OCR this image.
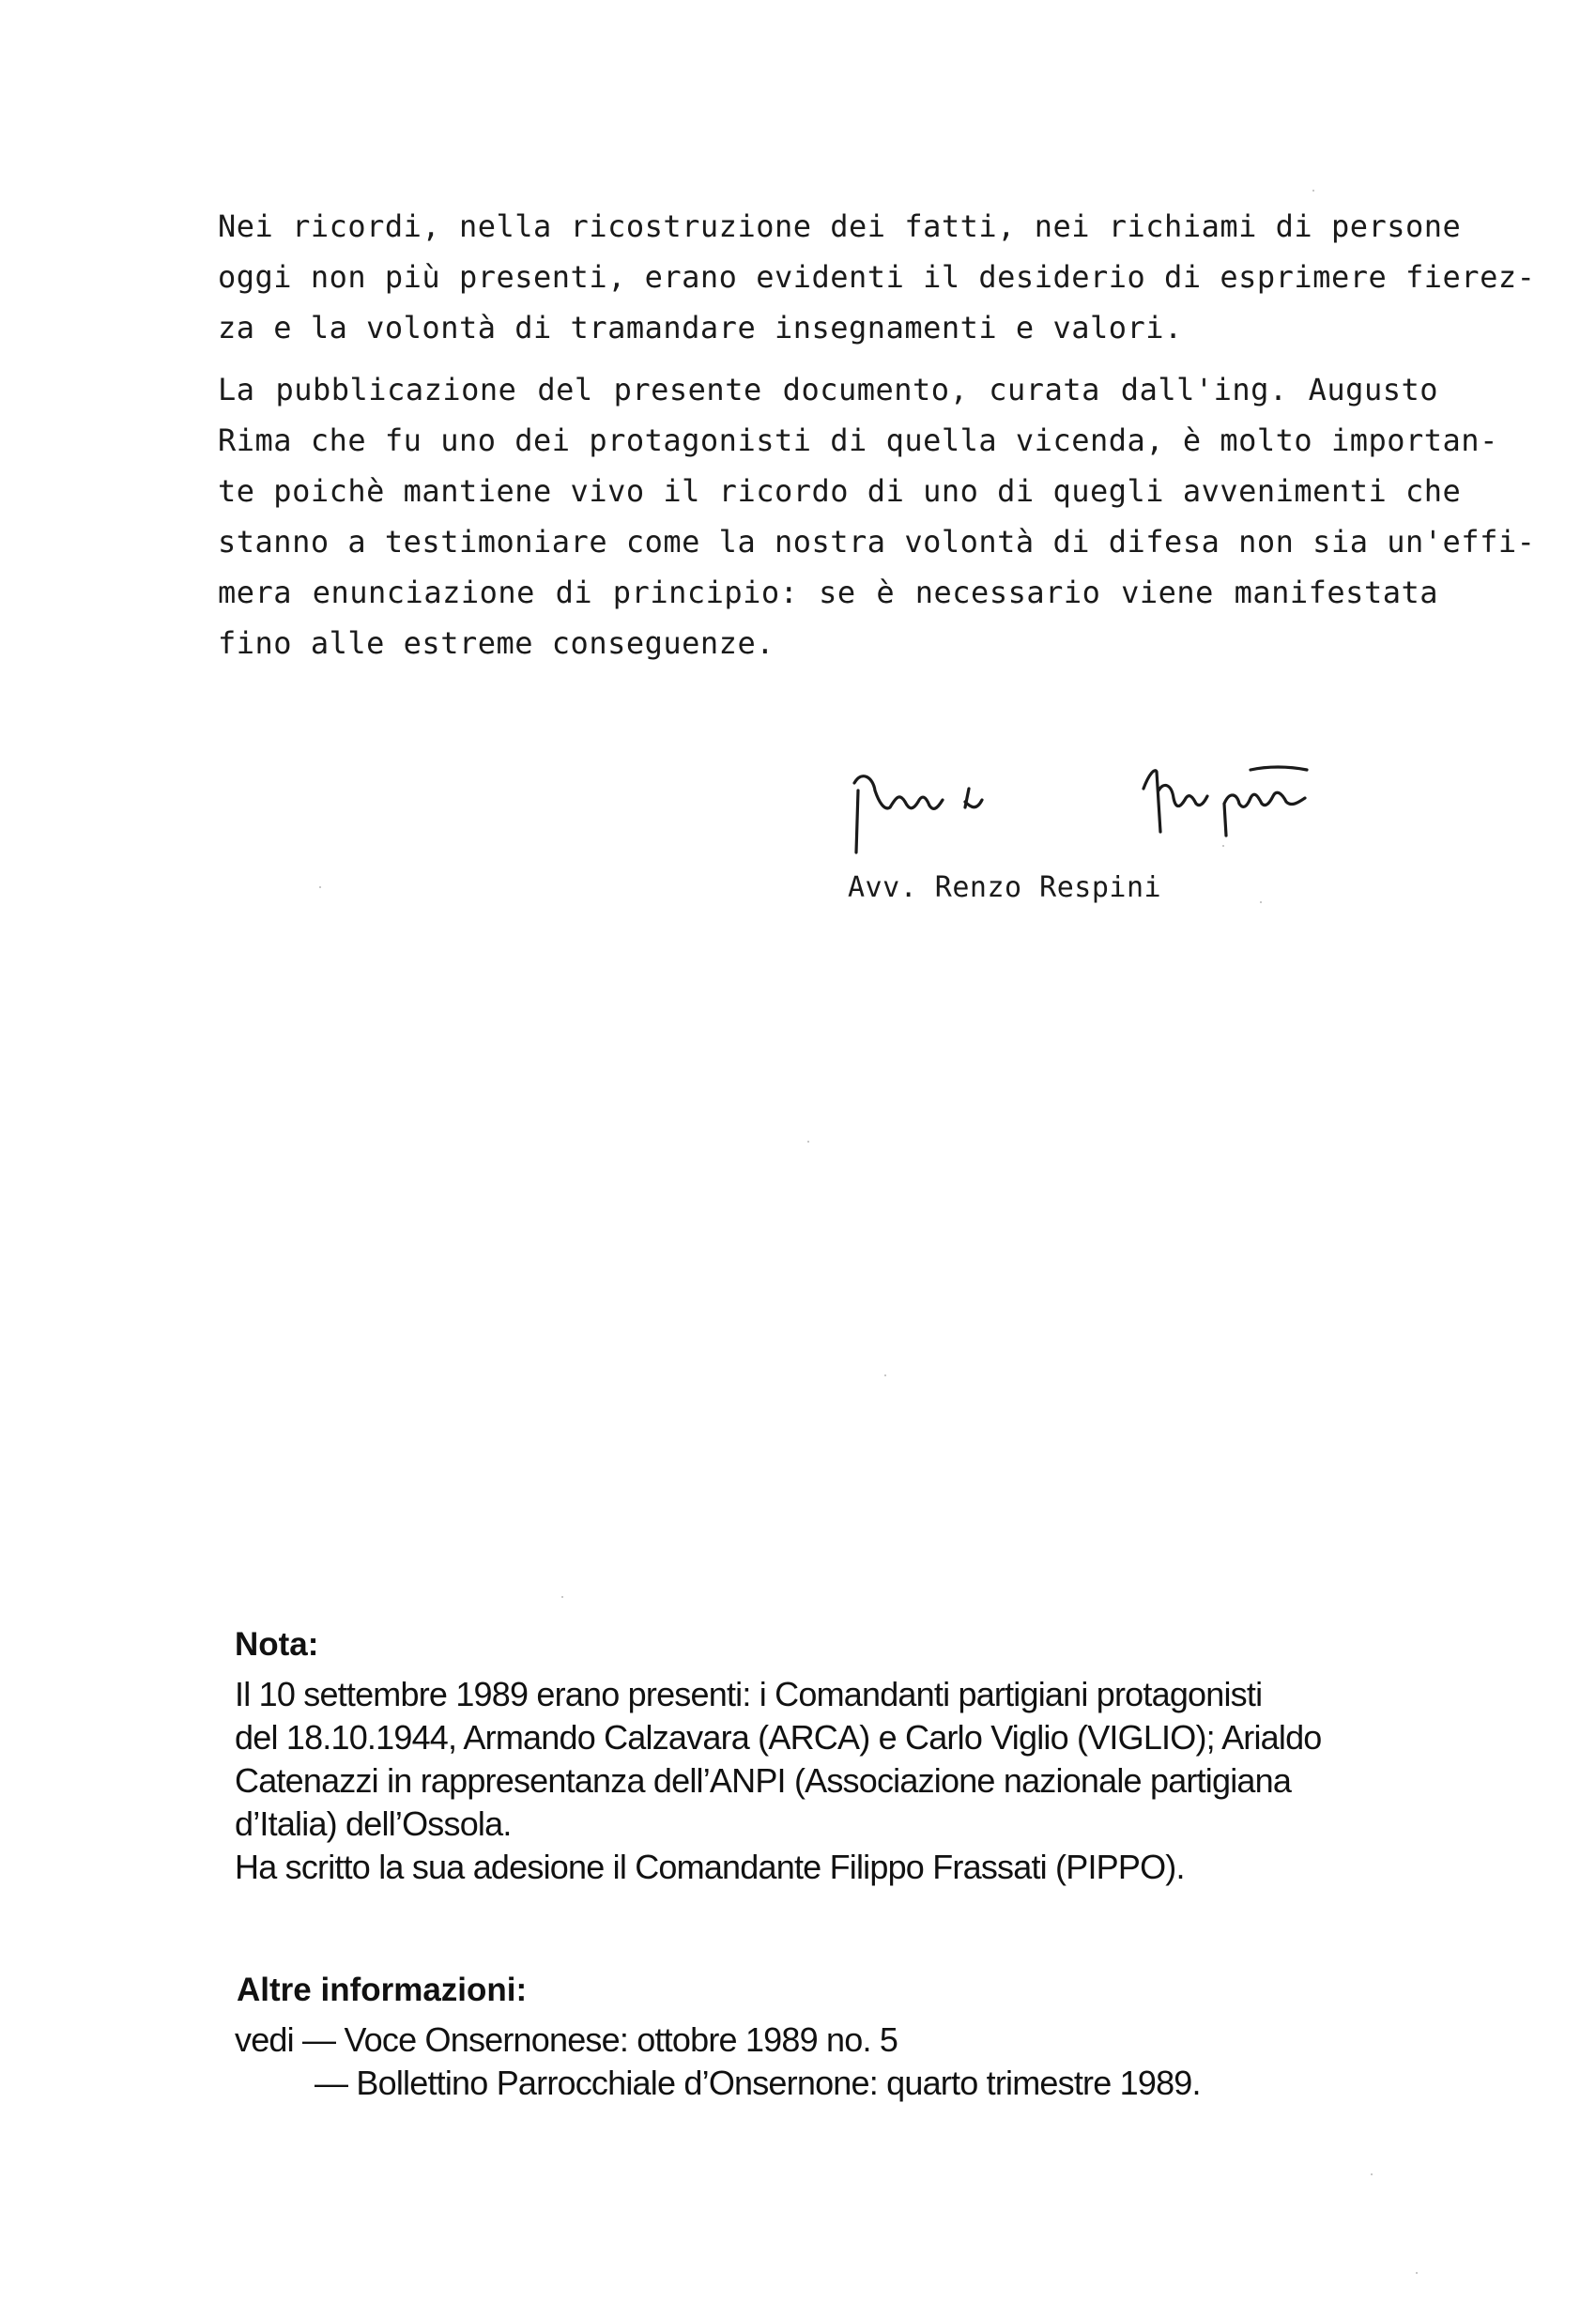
Nei ricordi, nella ricostruzione dei fatti, nei richiami di persone
oggi non più presenti, erano evidenti il desiderio di esprimere fierez-
za e la volontà di tramandare insegnamenti e valori.
La pubblicazione del presente documento, curata dall'ing. Augusto
Rima che fu uno dei protagonisti di quella vicenda, è molto importan-
te poichè mantiene vivo il ricordo di uno di quegli avvenimenti che
stanno a testimoniare come la nostra volontà di difesa non sia un'effi-
mera enunciazione di principio: se è necessario viene manifestata
fino alle estreme conseguenze.
Avv. Renzo Respini
Nota:
Il 10 settembre 1989 erano presenti: i Comandanti partigiani protagonisti
del 18.10.1944, Armando Calzavara (ARCA) e Carlo Viglio (VIGLIO); Arialdo
Catenazzi in rappresentanza dell’ANPI (Associazione nazionale partigiana
d’Italia) dell’Ossola.
Ha scritto la sua adesione il Comandante Filippo Frassati (PIPPO).
Altre informazioni:
vedi — Voce Onsernonese: ottobre 1989 no. 5
— Bollettino Parrocchiale d’Onsernone: quarto trimestre 1989.
